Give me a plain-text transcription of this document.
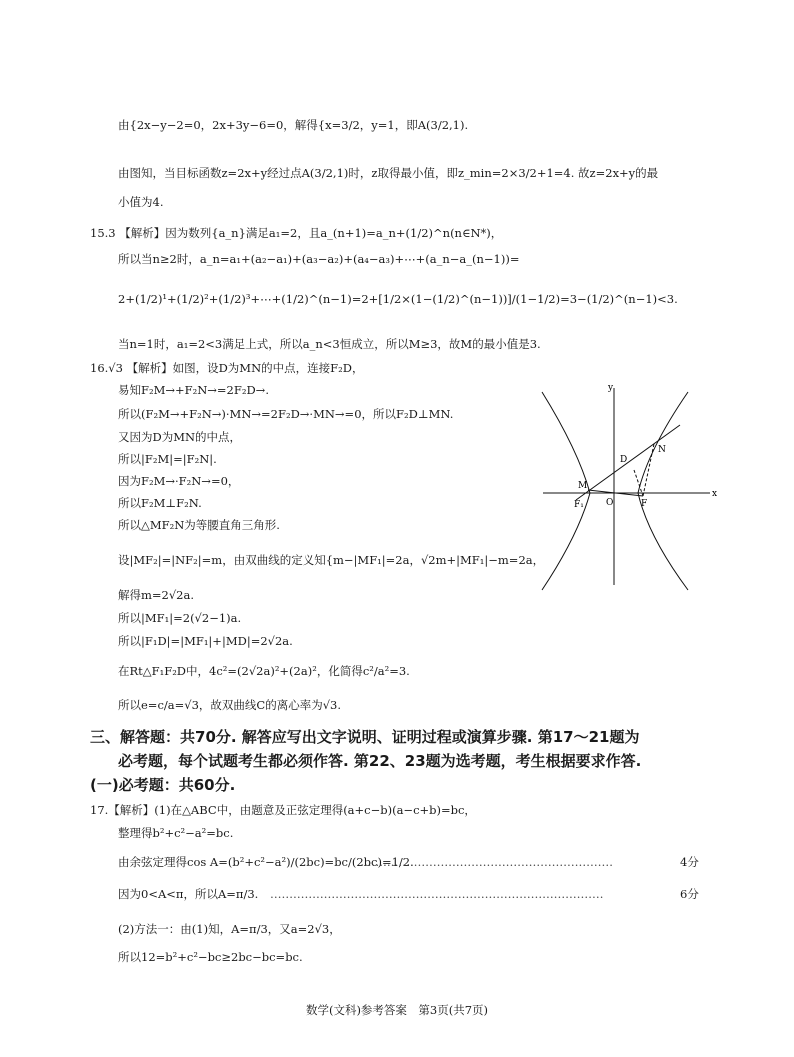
由{2x−y−2=0，2x+3y−6=0，解得{x=3/2，y=1，即A(3/2,1).
由图知，当目标函数z=2x+y经过点A(3/2,1)时，z取得最小值，即z_min=2×3/2+1=4. 故z=2x+y的最
小值为4.
15.3 【解析】因为数列{a_n}满足a₁=2，且a_(n+1)=a_n+(1/2)^n(n∈N*)，
所以当n≥2时，a_n=a₁+(a₂−a₁)+(a₃−a₂)+(a₄−a₃)+⋯+(a_n−a_(n−1))=
2+(1/2)¹+(1/2)²+(1/2)³+⋯+(1/2)^(n−1)=2+[1/2×(1−(1/2)^(n−1))]/(1−1/2)=3−(1/2)^(n−1)<3.
当n=1时，a₁=2<3满足上式，所以a_n<3恒成立，所以M≥3，故M的最小值是3.
16.√3 【解析】如图，设D为MN的中点，连接F₂D，
易知F₂M→+F₂N→=2F₂D→.
所以(F₂M→+F₂N→)·MN→=2F₂D→·MN→=0，所以F₂D⊥MN.
又因为D为MN的中点，
所以|F₂M|=|F₂N|.
因为F₂M→·F₂N→=0，
所以F₂M⊥F₂N.
所以△MF₂N为等腰直角三角形.
设|MF₂|=|NF₂|=m，由双曲线的定义知{m−|MF₁|=2a，√2m+|MF₁|−m=2a，
解得m=2√2a.
所以|MF₁|=2(√2−1)a.
所以|F₁D|=|MF₁|+|MD|=2√2a.
在Rt△F₁F₂D中，4c²=(2√2a)²+(2a)²，化简得c²/a²=3.
所以e=c/a=√3，故双曲线C的离心率为√3.
三、解答题：共70分. 解答应写出文字说明、证明过程或演算步骤. 第17～21题为
必考题，每个试题考生都必须作答. 第22、23题为选考题，考生根据要求作答.
(一)必考题：共60分.
17.【解析】(1)在△ABC中，由题意及正弦定理得(a+c−b)(a−c+b)=bc，
整理得b²+c²−a²=bc.
由余弦定理得cos A=(b²+c²−a²)/(2bc)=bc/(2bc)=1/2.
…………………………………………………………	4分
因为0<A<π，所以A=π/3. ……………………………………………………………………………	6分
(2)方法一：由(1)知，A=π/3，又a=2√3，
所以12=b²+c²−bc≥2bc−bc=bc.
y
x
O
F₁	F
M
D
N
数学(文科)参考答案　第3页(共7页)
